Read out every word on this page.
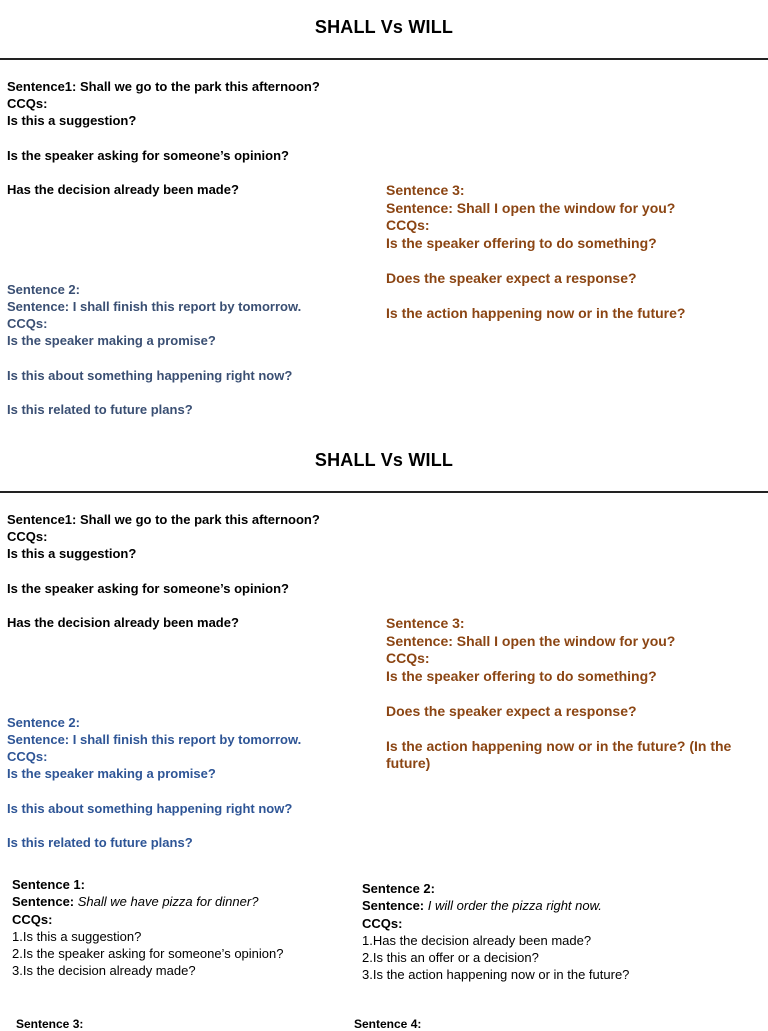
SHALL Vs WILL
Sentence1: Shall we go to the park this afternoon?
CCQs:
Is this a suggestion?
Is the speaker asking for someone’s opinion?
Has the decision already been made?	Sentence 3:
Sentence: Shall I open the window for you?
CCQs:
Is the speaker offering to do something?
Does the speaker expect a response?
Is the action happening now or in the future?
Sentence 2:
Sentence: I shall finish this report by tomorrow.
CCQs:
Is the speaker making a promise?
Is this about something happening right now?
Is this related to future plans?
SHALL Vs WILL
Sentence1: Shall we go to the park this afternoon?
CCQs:
Is this a suggestion?
Is the speaker asking for someone’s opinion?
Has the decision already been made?	Sentence 3:
Sentence: Shall I open the window for you?
CCQs:
Is the speaker offering to do something?
Does the speaker expect a response?
Is the action happening now or in the future? (In the future)
Sentence 2:
Sentence: I shall finish this report by tomorrow.
CCQs:
Is the speaker making a promise?
Is this about something happening right now?
Is this related to future plans?
Sentence 1:
Sentence: Shall we have pizza for dinner?
CCQs:
1.Is this a suggestion?
2.Is the speaker asking for someone’s opinion?
3.Is the decision already made?
Sentence 2:
Sentence: I will order the pizza right now.
CCQs:
1.Has the decision already been made?
2.Is this an offer or a decision?
3.Is the action happening now or in the future?
Sentence 3:	Sentence 4:
